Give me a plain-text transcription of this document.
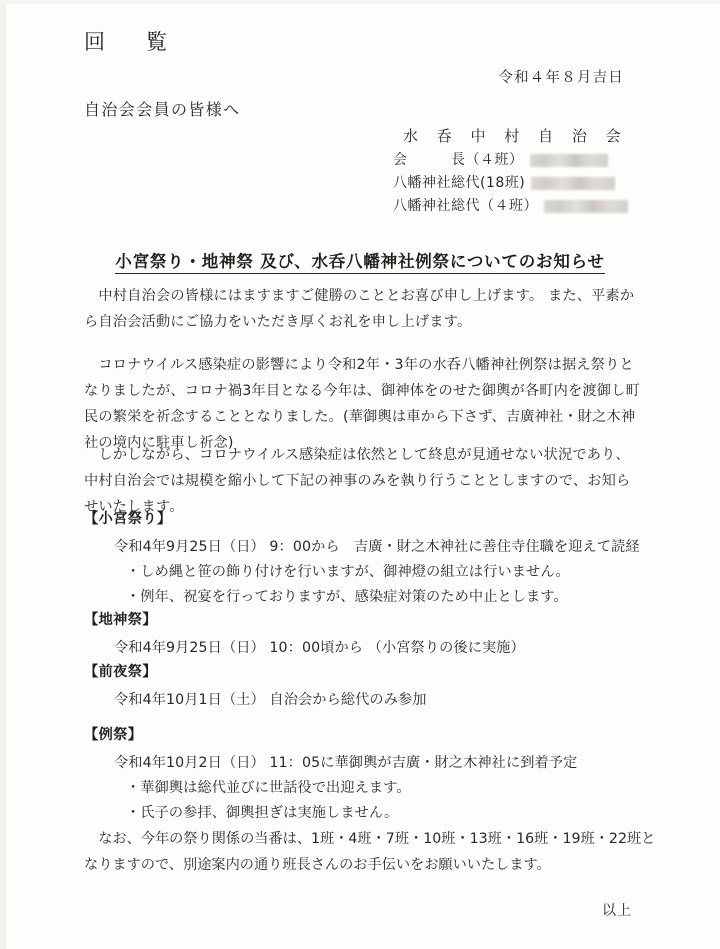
回　覧
令和４年８月吉日
自治会会員の皆様へ
水 呑 中 村 自 治 会
会　　　長（４班）
八幡神社総代(18班)
八幡神社総代（４班）
小宮祭り・地神祭 及び、水呑八幡神社例祭についてのお知らせ
　中村自治会の皆様にはますますご健勝のこととお喜び申し上げます。 また、平素から自治会活動にご協力をいただき厚くお礼を申し上げます。
　コロナウイルス感染症の影響により令和2年・3年の水呑八幡神社例祭は据え祭りとなりましたが、コロナ禍3年目となる今年は、御神体をのせた御輿が各町内を渡御し町民の繁栄を祈念することとなりました。(華御輿は車から下さず、吉廣神社・財之木神社の境内に駐車し祈念)
　しかしながら、コロナウイルス感染症は依然として終息が見通せない状況であり、中村自治会では規模を縮小して下記の神事のみを執り行うこととしますので、お知らせいたします。
【小宮祭り】
令和4年9月25日（日） 9：00から　吉廣・財之木神社に善住寺住職を迎えて読経
・しめ縄と笹の飾り付けを行いますが、御神燈の組立は行いません。
・例年、祝宴を行っておりますが、感染症対策のため中止とします。
【地神祭】
令和4年9月25日（日） 10：00頃から （小宮祭りの後に実施）
【前夜祭】
令和4年10月1日（土） 自治会から総代のみ参加
【例祭】
令和4年10月2日（日） 11：05に華御輿が吉廣・財之木神社に到着予定
・華御輿は総代並びに世話役で出迎えます。
・氏子の参拝、御輿担ぎは実施しません。
　なお、今年の祭り関係の当番は、1班・4班・7班・10班・13班・16班・19班・22班となりますので、別途案内の通り班長さんのお手伝いをお願いいたします。
以上
